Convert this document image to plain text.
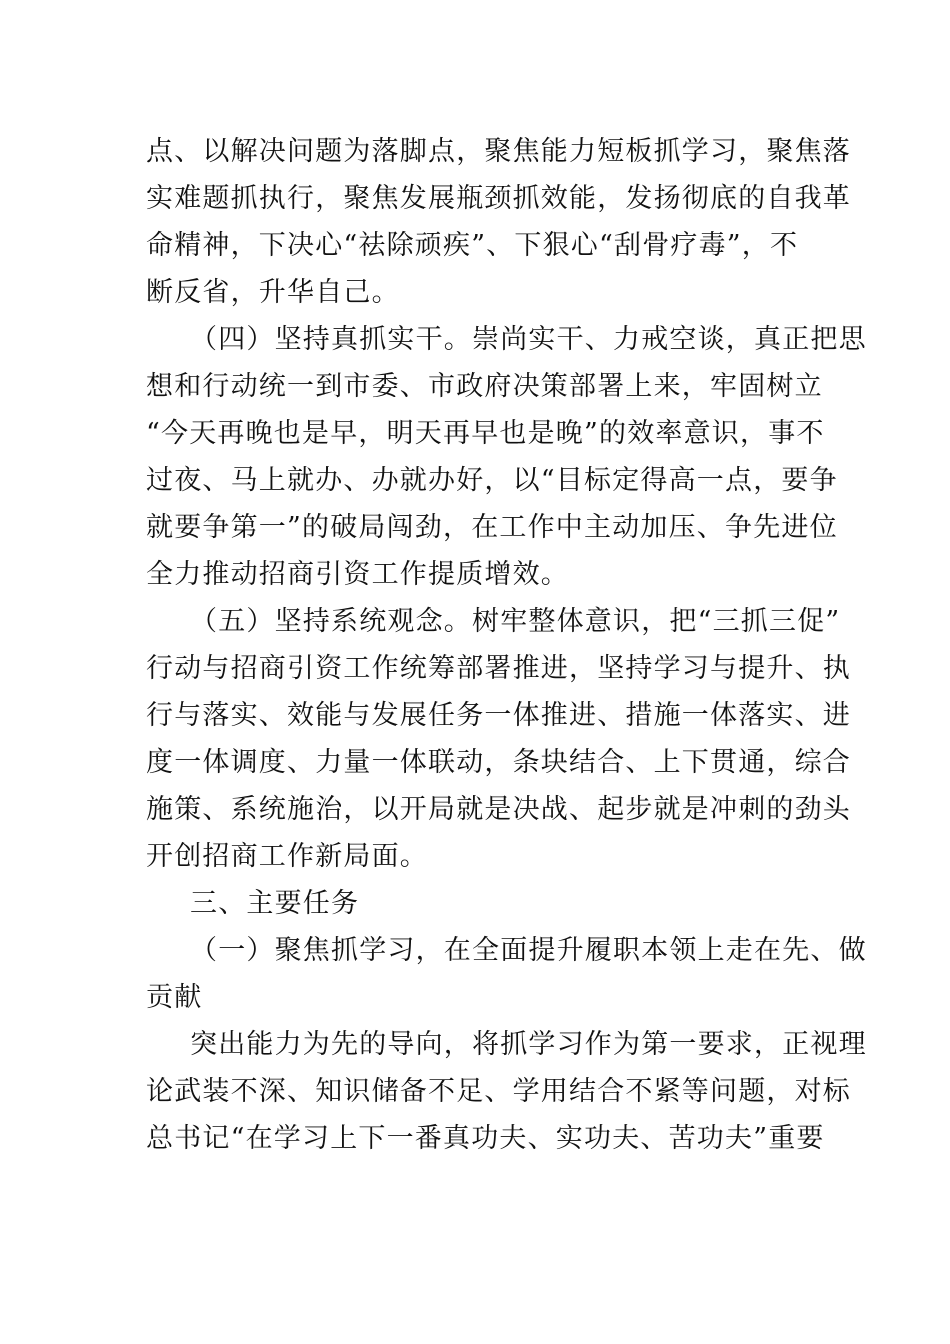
点、以解决问题为落脚点，聚焦能力短板抓学习，聚焦落
实难题抓执行，聚焦发展瓶颈抓效能，发扬彻底的自我革
命精神，下决心“祛除顽疾”、下狠心“刮骨疗毒”，不
断反省，升华自己。
（四）坚持真抓实干。崇尚实干、力戒空谈，真正把思
想和行动统一到市委、市政府决策部署上来，牢固树立
“今天再晚也是早，明天再早也是晚”的效率意识，事不
过夜、马上就办、办就办好，以“目标定得高一点，要争
就要争第一”的破局闯劲，在工作中主动加压、争先进位
全力推动招商引资工作提质增效。
（五）坚持系统观念。树牢整体意识，把“三抓三促”
行动与招商引资工作统筹部署推进，坚持学习与提升、执
行与落实、效能与发展任务一体推进、措施一体落实、进
度一体调度、力量一体联动，条块结合、上下贯通，综合
施策、系统施治，以开局就是决战、起步就是冲刺的劲头
开创招商工作新局面。
三、主要任务
（一）聚焦抓学习，在全面提升履职本领上走在先、做
贡献
突出能力为先的导向，将抓学习作为第一要求，正视理
论武装不深、知识储备不足、学用结合不紧等问题，对标
总书记“在学习上下一番真功夫、实功夫、苦功夫”重要
